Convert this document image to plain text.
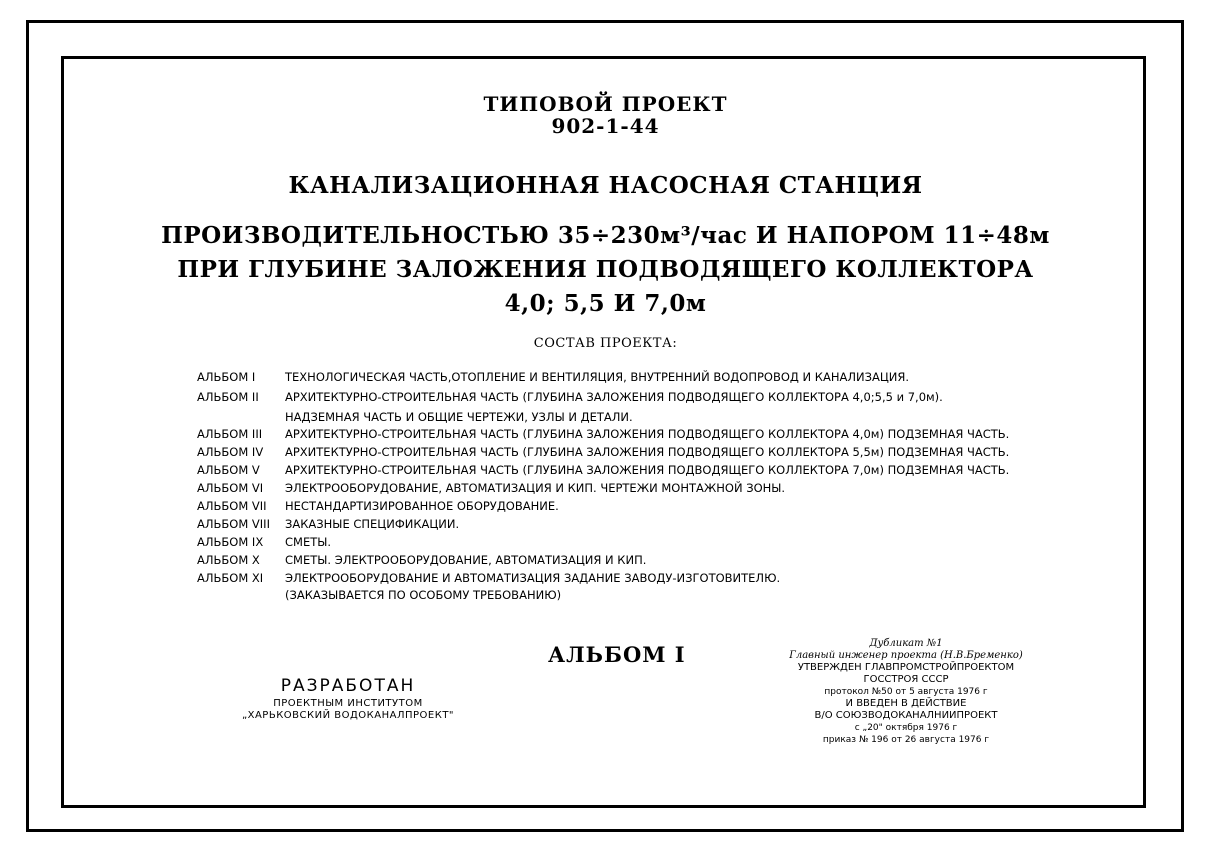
ТИПОВОЙ ПРОЕКТ
902-1-44
КАНАЛИЗАЦИОННАЯ НАСОСНАЯ СТАНЦИЯ
ПРОИЗВОДИТЕЛЬНОСТЬЮ 35÷230м³/час И НАПОРОМ 11÷48м
ПРИ ГЛУБИНЕ ЗАЛОЖЕНИЯ ПОДВОДЯЩЕГО КОЛЛЕКТОРА
4,0; 5,5 И 7,0м
СОСТАВ ПРОЕКТА:
АЛЬБОМ I	ТЕХНОЛОГИЧЕСКАЯ ЧАСТЬ,ОТОПЛЕНИЕ И ВЕНТИЛЯЦИЯ, ВНУТРЕННИЙ ВОДОПРОВОД И КАНАЛИЗАЦИЯ.
АЛЬБОМ II АРХИТЕКТУРНО-СТРОИТЕЛЬНАЯ ЧАСТЬ (ГЛУБИНА ЗАЛОЖЕНИЯ ПОДВОДЯЩЕГО КОЛЛЕКТОРА 4,0;5,5 и 7,0м).
НАДЗЕМНАЯ ЧАСТЬ И ОБЩИЕ ЧЕРТЕЖИ, УЗЛЫ И ДЕТАЛИ.
АЛЬБОМ III АРХИТЕКТУРНО-СТРОИТЕЛЬНАЯ ЧАСТЬ (ГЛУБИНА ЗАЛОЖЕНИЯ ПОДВОДЯЩЕГО КОЛЛЕКТОРА 4,0м) ПОДЗЕМНАЯ ЧАСТЬ.
АЛЬБОМ IV АРХИТЕКТУРНО-СТРОИТЕЛЬНАЯ ЧАСТЬ (ГЛУБИНА ЗАЛОЖЕНИЯ ПОДВОДЯЩЕГО КОЛЛЕКТОРА 5,5м) ПОДЗЕМНАЯ ЧАСТЬ.
АЛЬБОМ V АРХИТЕКТУРНО-СТРОИТЕЛЬНАЯ ЧАСТЬ (ГЛУБИНА ЗАЛОЖЕНИЯ ПОДВОДЯЩЕГО КОЛЛЕКТОРА 7,0м) ПОДЗЕМНАЯ ЧАСТЬ.
АЛЬБОМ VI ЭЛЕКТРООБОРУДОВАНИЕ, АВТОМАТИЗАЦИЯ И КИП. ЧЕРТЕЖИ МОНТАЖНОЙ ЗОНЫ.
АЛЬБОМ VII НЕСТАНДАРТИЗИРОВАННОЕ ОБОРУДОВАНИЕ.
АЛЬБОМ VIII ЗАКАЗНЫЕ СПЕЦИФИКАЦИИ.
АЛЬБОМ IX СМЕТЫ.
АЛЬБОМ X СМЕТЫ. ЭЛЕКТРООБОРУДОВАНИЕ, АВТОМАТИЗАЦИЯ И КИП.
АЛЬБОМ XI ЭЛЕКТРООБОРУДОВАНИЕ И АВТОМАТИЗАЦИЯ ЗАДАНИЕ ЗАВОДУ-ИЗГОТОВИТЕЛЮ.
(ЗАКАЗЫВАЕТСЯ ПО ОСОБОМУ ТРЕБОВАНИЮ)
АЛЬБОМ I
РАЗРАБОТАН
ПРОЕКТНЫМ ИНСТИТУТОМ
„ХАРЬКОВСКИЙ ВОДОКАНАЛПРОЕКТ"
Дубликат №1
Главный инженер проекта (Н.В.Бременко)
УТВЕРЖДЕН ГЛАВПРОМСТРОЙПРОЕКТОМ
ГОССТРОЯ СССР
протокол №50 от 5 августа 1976 г
И ВВЕДЕН В ДЕЙСТВИЕ
В/О СОЮЗВОДОКАНАЛНИИПРОЕКТ
с „20" октября 1976 г
приказ № 196 от 26 августа 1976 г
